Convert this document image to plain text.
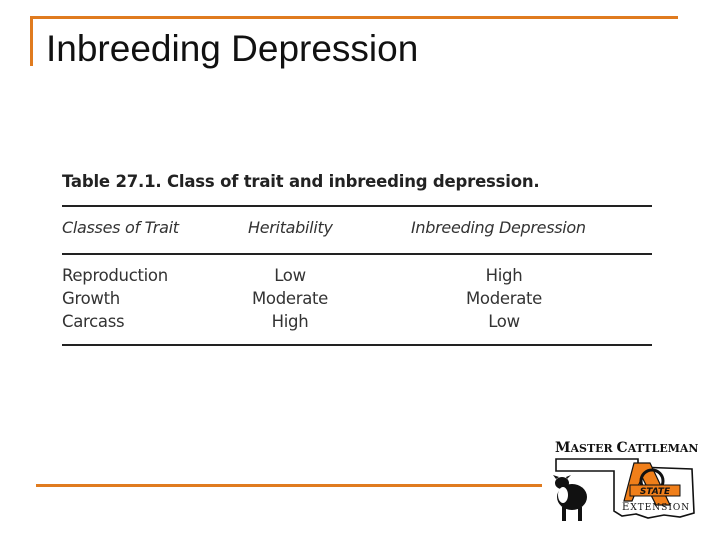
Inbreeding Depression
Table 27.1. Class of trait and inbreeding depression.
Classes of Trait	Heritability	Inbreeding Depression
Reproduction	Low	High
Growth	Moderate	Moderate
Carcass	High	Low
MASTER CATTLEMAN
STATE
EXTENSION
